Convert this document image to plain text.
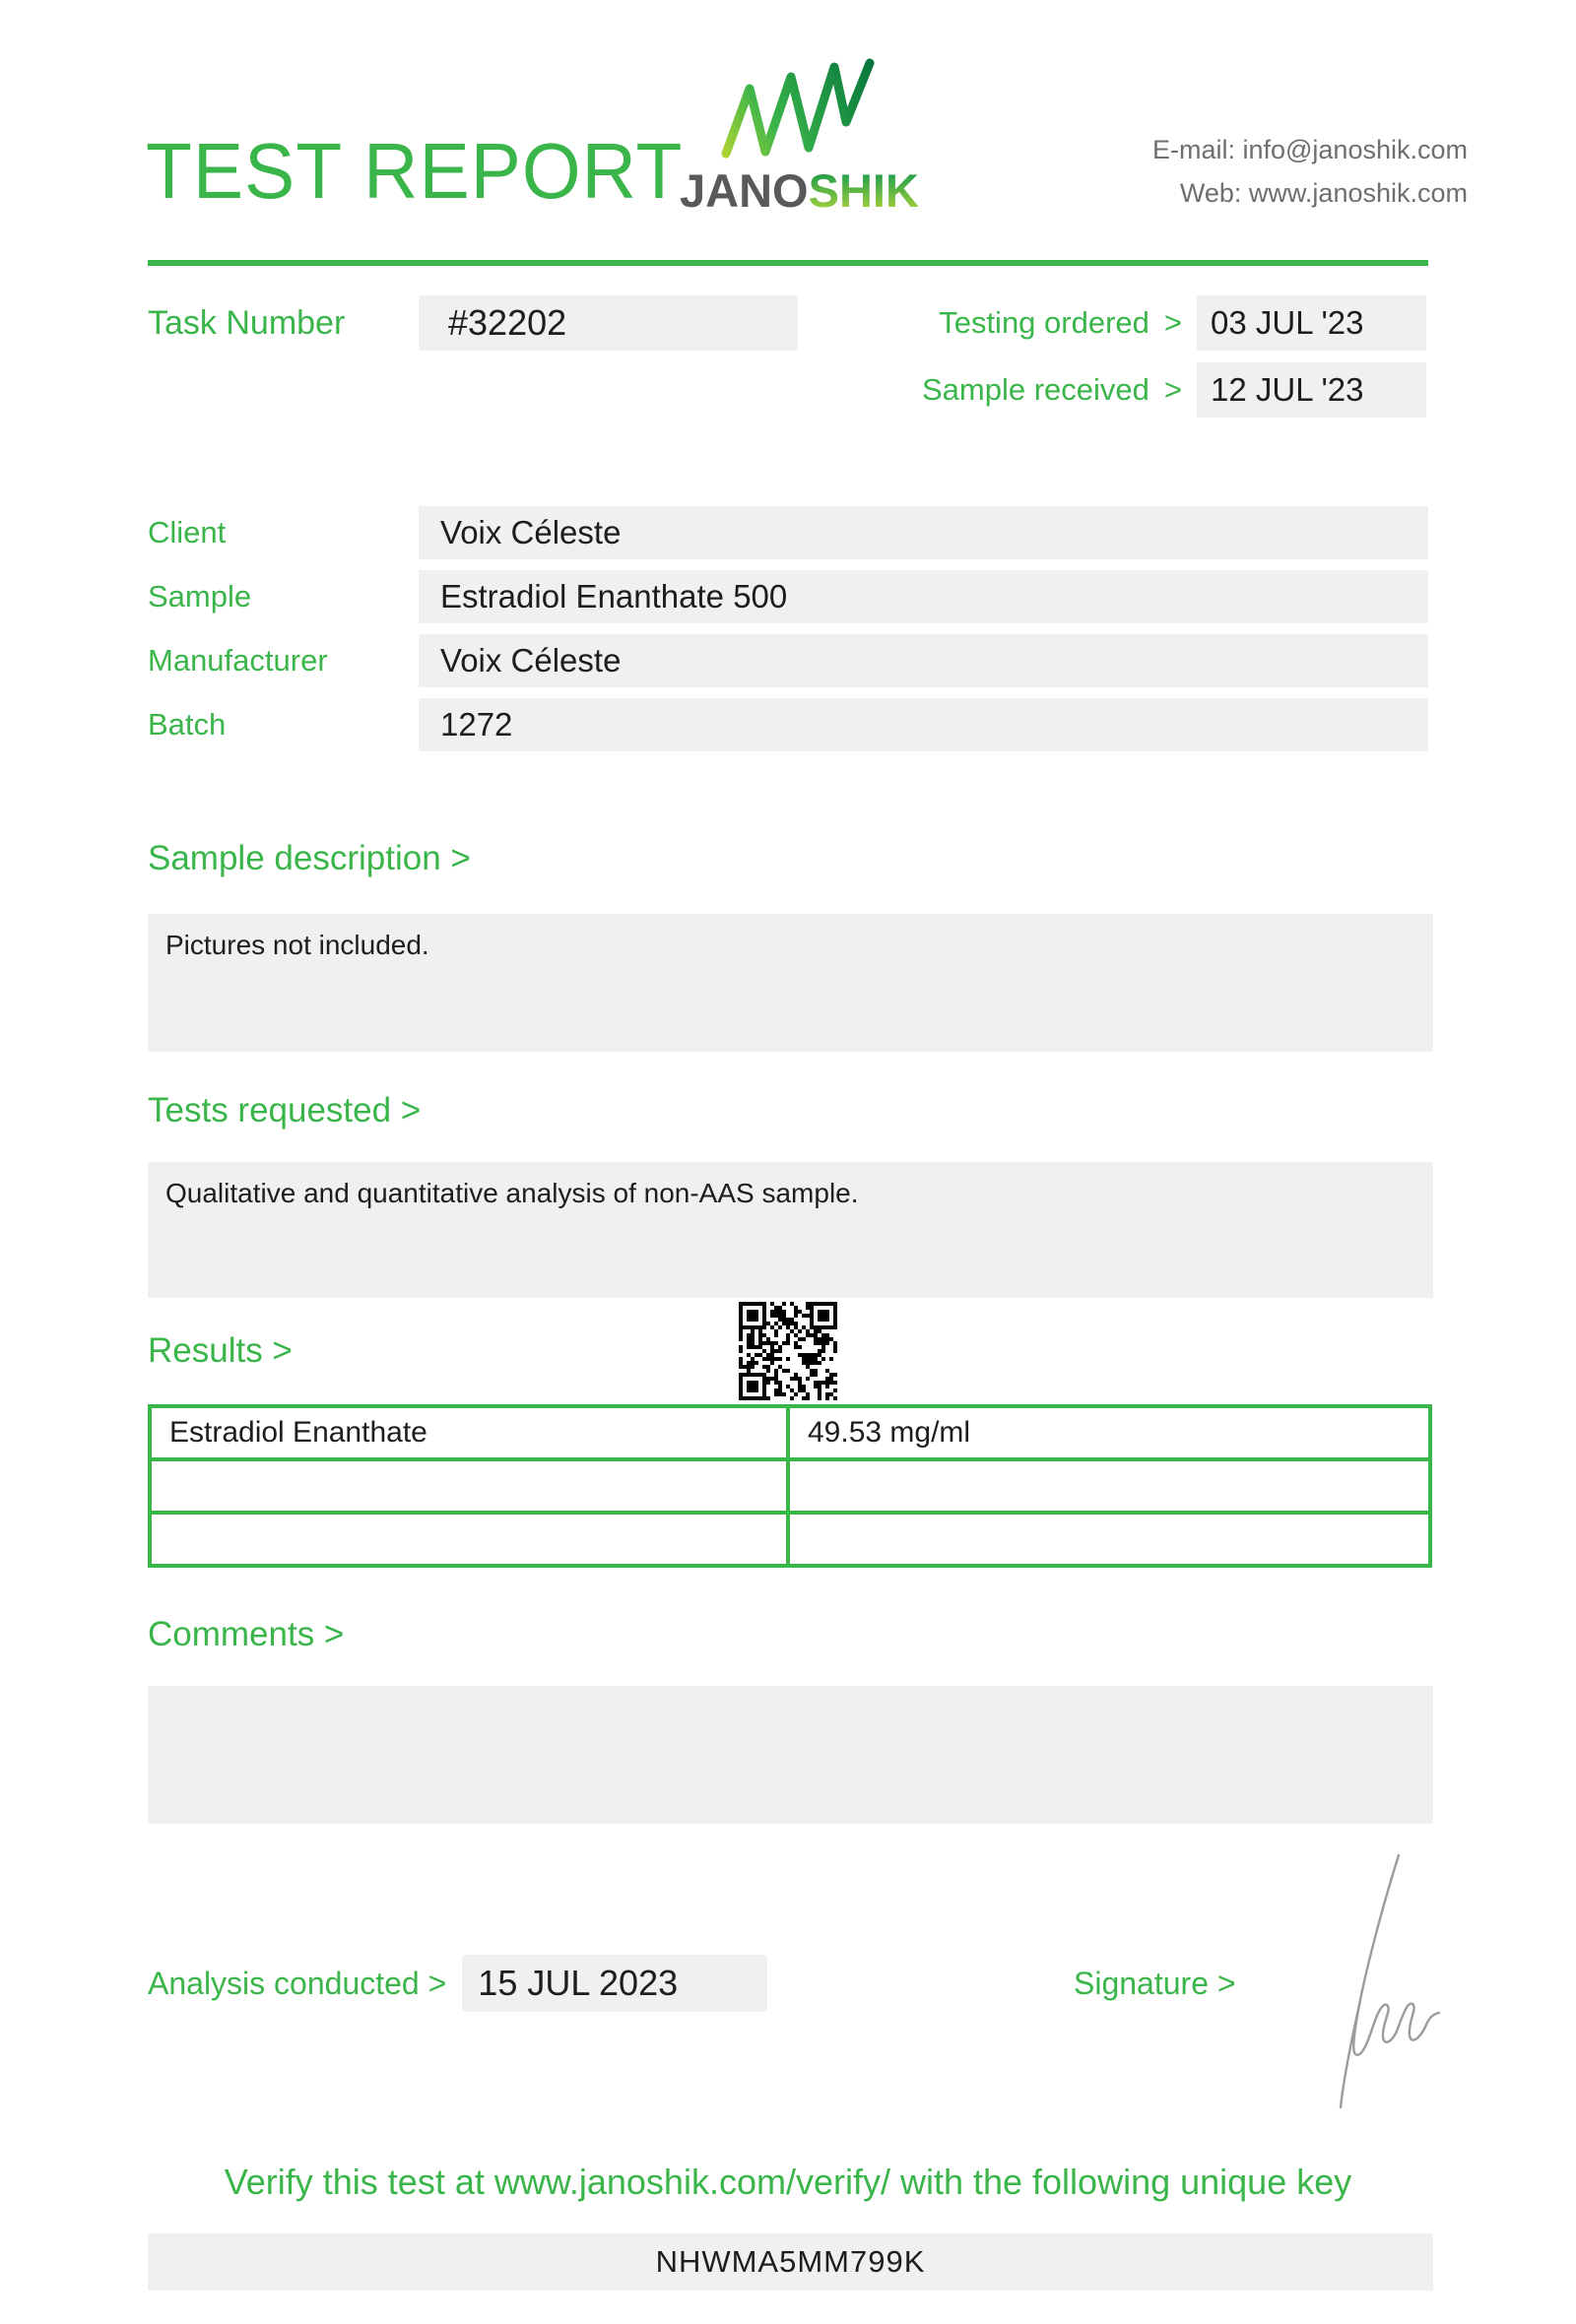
TEST REPORT
JANOSHIK
E-mail: info@janoshik.com
Web: www.janoshik.com
Task Number	#32202	Testing ordered > 03 JUL '23
Sample received > 12 JUL '23
Client	Voix Céleste
Sample	Estradiol Enanthate 500
Manufacturer	Voix Céleste
Batch	1272
Sample description >
Pictures not included.
Tests requested >
Qualitative and quantitative analysis of non-AAS sample.
Results >
Estradiol Enanthate	49.53 mg/ml

Comments >
Analysis conducted > 15 JUL 2023	Signature >
Verify this test at www.janoshik.com/verify/ with the following unique key
NHWMA5MM799K
